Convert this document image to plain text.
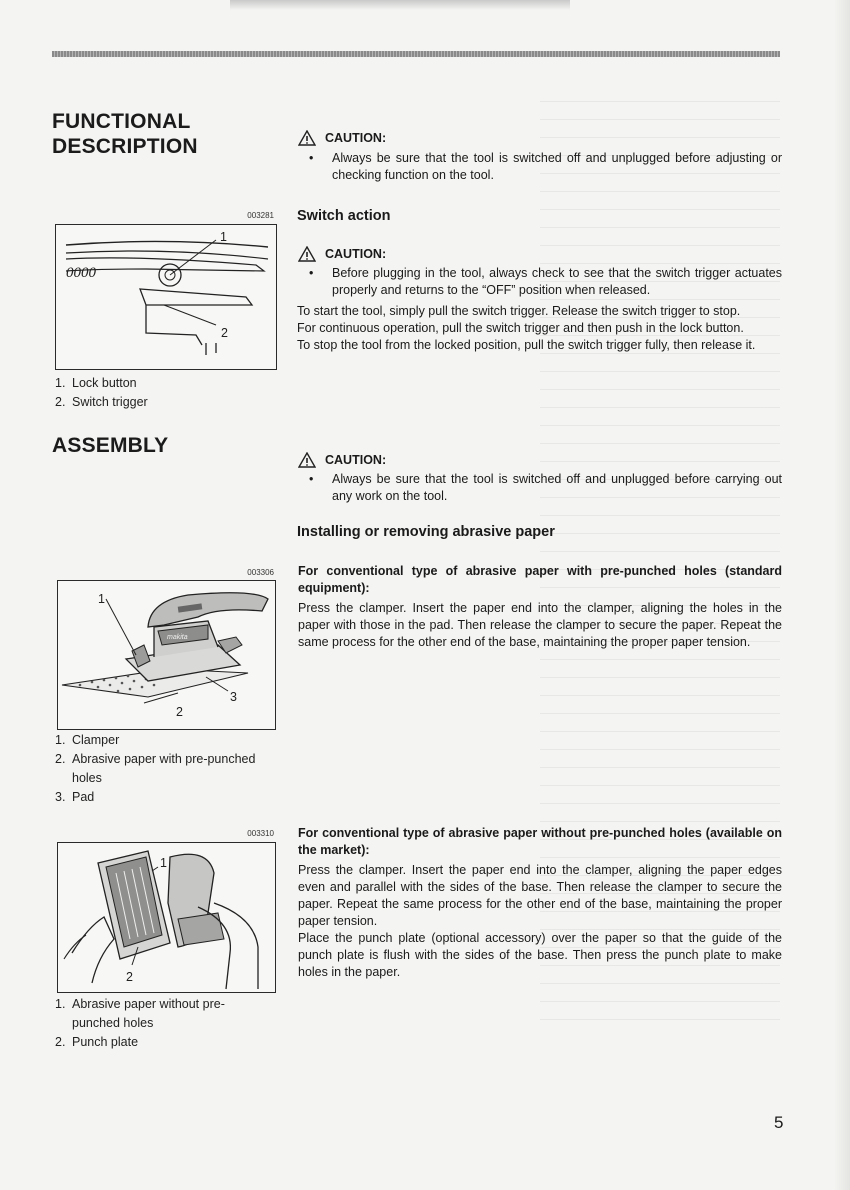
FUNCTIONAL
DESCRIPTION
003281
0000
1
2
1. Lock button
2. Switch trigger
ASSEMBLY
003306
makita
1
2
3
1. Clamper
2. Abrasive paper with pre-punched holes
3. Pad
003310
1
2
1. Abrasive paper without pre-punched holes
2. Punch plate
CAUTION:
• Always be sure that the tool is switched off and unplugged before adjusting or checking function on the tool.
Switch action
CAUTION:
• Before plugging in the tool, always check to see that the switch trigger actuates properly and returns to the “OFF” position when released.

To start the tool, simply pull the switch trigger. Release the switch trigger to stop.

For continuous operation, pull the switch trigger and then push in the lock button.

To stop the tool from the locked position, pull the switch trigger fully, then release it.

CAUTION:
• Always be sure that the tool is switched off and unplugged before carrying out any work on the tool.
Installing or removing abrasive paper
For conventional type of abrasive paper with pre-punched holes (standard equipment):

Press the clamper. Insert the paper end into the clamper, aligning the holes in the paper with those in the pad. Then release the clamper to secure the paper. Repeat the same process for the other end of the base, maintaining the proper paper tension.

For conventional type of abrasive paper without pre-punched holes (available on the market):

Press the clamper. Insert the paper end into the clamper, aligning the paper edges even and parallel with the sides of the base. Then release the clamper to secure the paper. Repeat the same process for the other end of the base, maintaining the proper paper tension.

Place the punch plate (optional accessory) over the paper so that the guide of the punch plate is flush with the sides of the base. Then press the punch plate to make holes in the paper.

5
